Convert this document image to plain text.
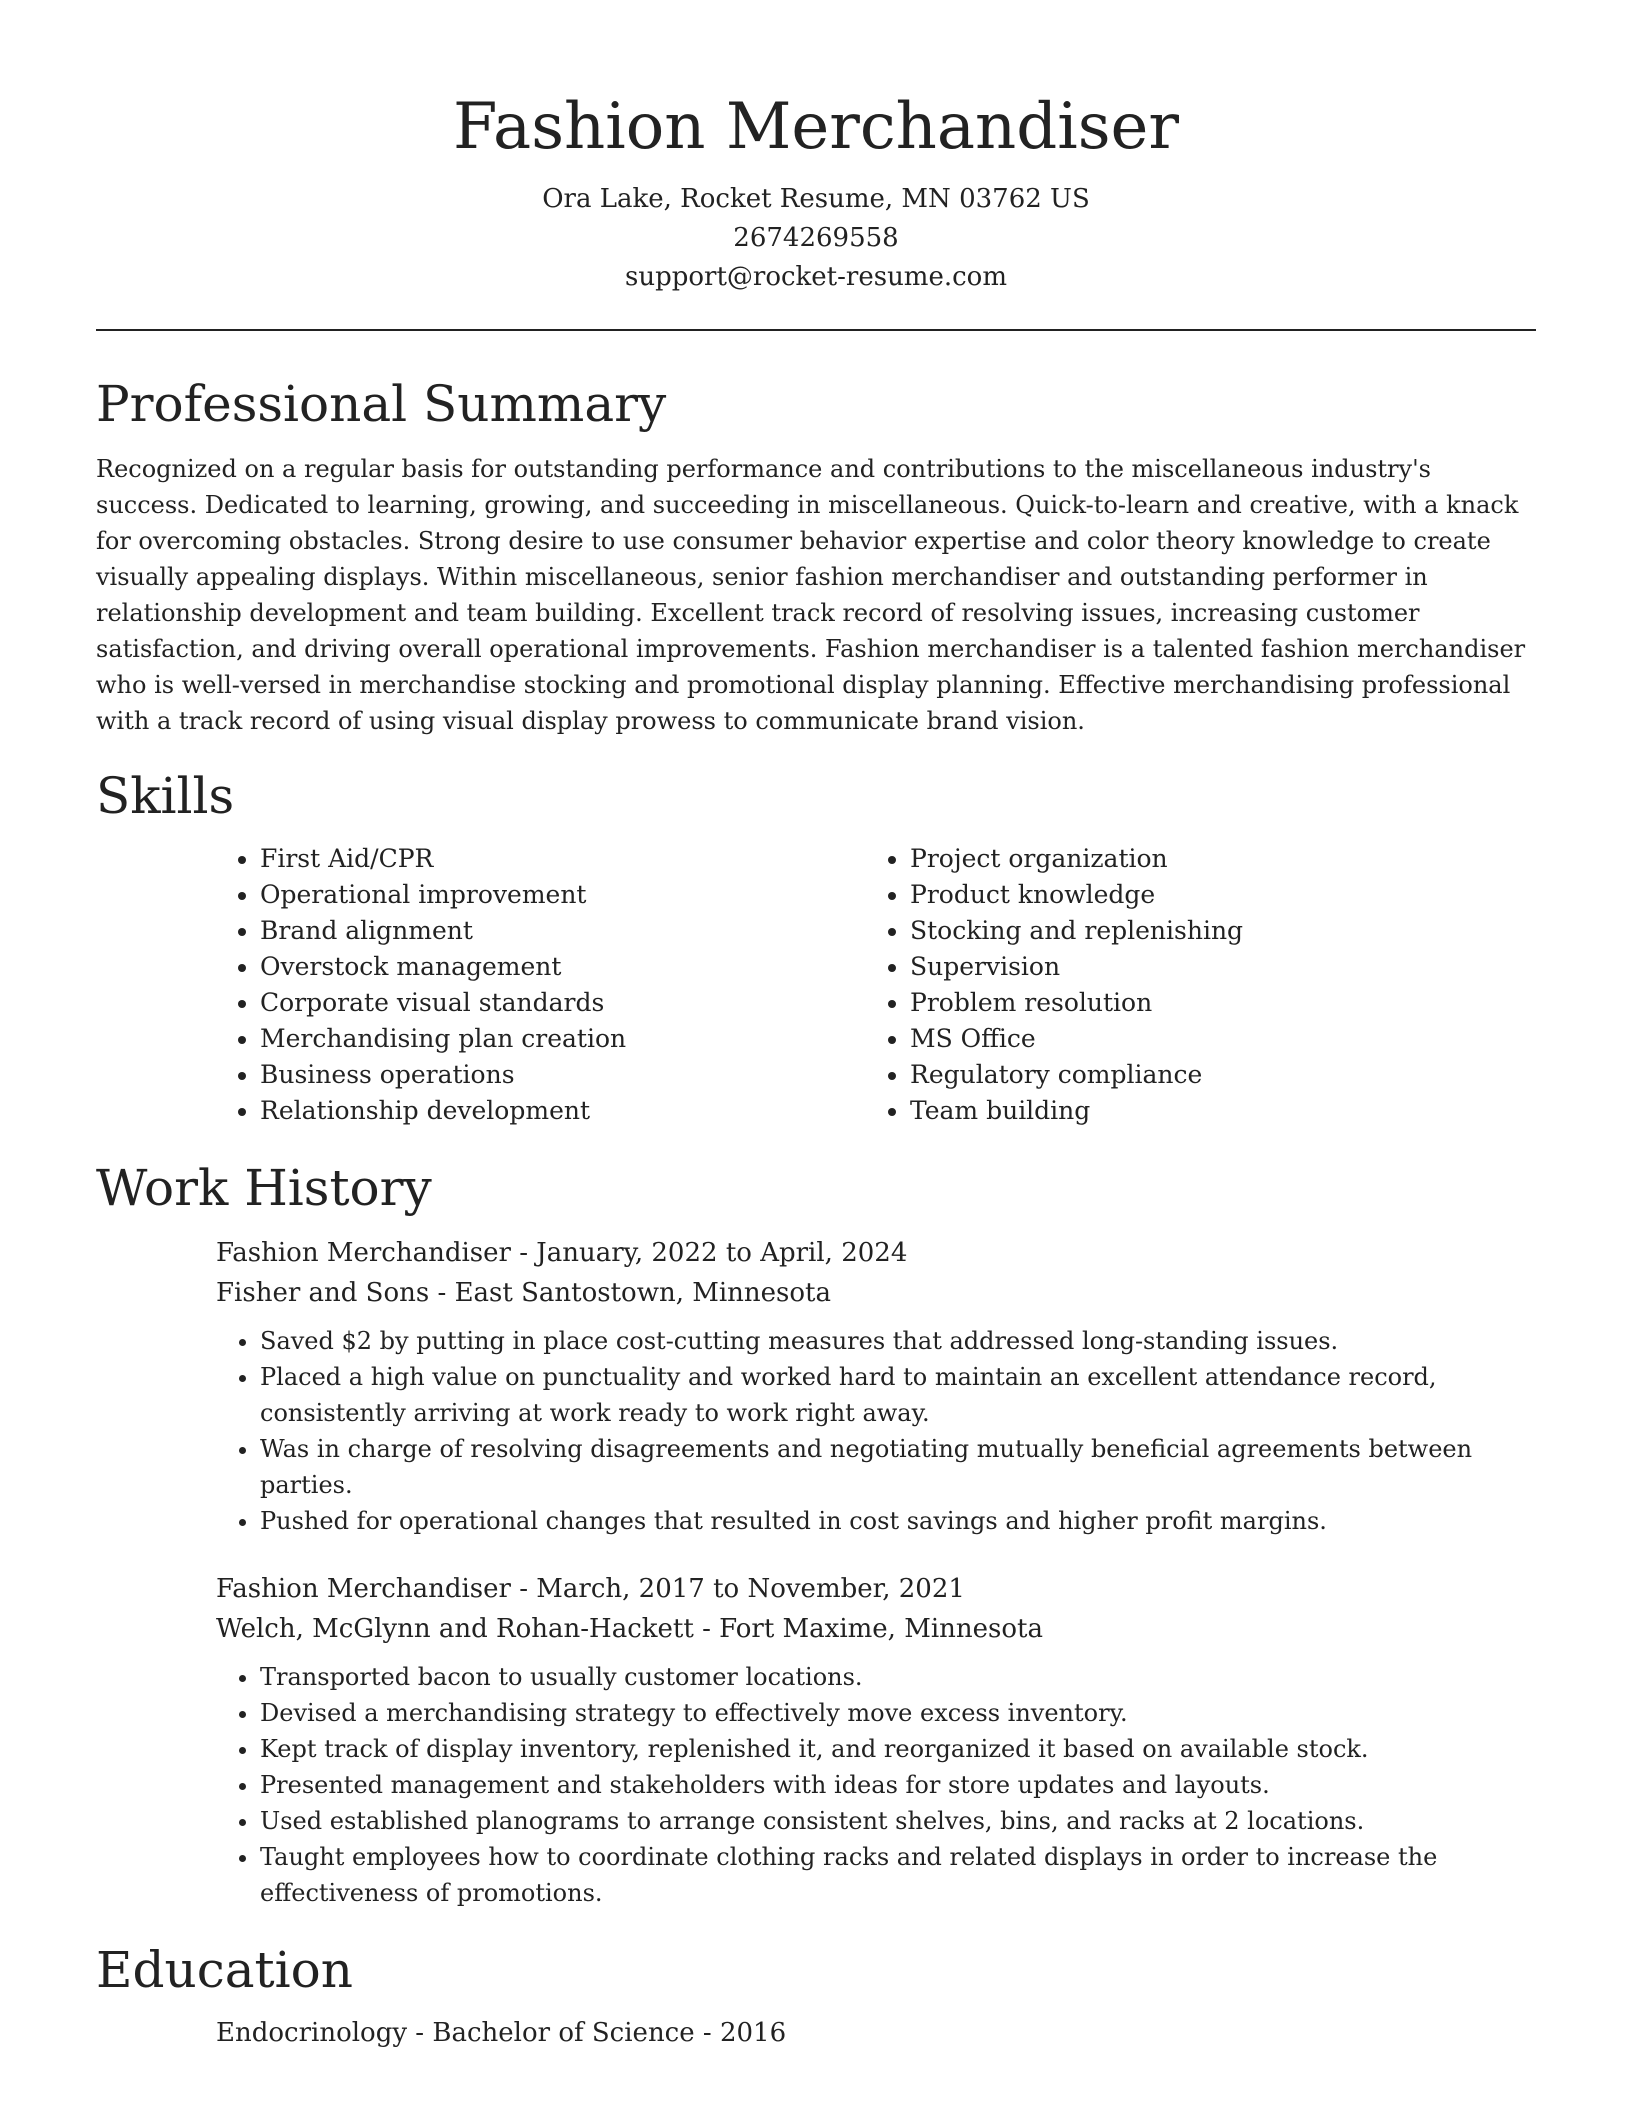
Fashion Merchandiser
Ora Lake, Rocket Resume, MN 03762 US
2674269558
support@rocket-resume.com
Professional Summary

Recognized on a regular basis for outstanding performance and contributions to the miscellaneous industry's success. Dedicated to learning, growing, and succeeding in miscellaneous. Quick-to-learn and creative, with a knack for overcoming obstacles. Strong desire to use consumer behavior expertise and color theory knowledge to create visually appealing displays. Within miscellaneous, senior fashion merchandiser and outstanding performer in relationship development and team building. Excellent track record of resolving issues, increasing customer satisfaction, and driving overall operational improvements. Fashion merchandiser is a talented fashion merchandiser who is well-versed in merchandise stocking and promotional display planning. Effective merchandising professional with a track record of using visual display prowess to communicate brand vision.

Skills
• First Aid/CPR
• Operational improvement
• Brand alignment
• Overstock management
• Corporate visual standards
• Merchandising plan creation
• Business operations
• Relationship development
• Project organization
• Product knowledge
• Stocking and replenishing
• Supervision
• Problem resolution
• MS Office
• Regulatory compliance
• Team building
Work History
Fashion Merchandiser - January, 2022 to April, 2024
Fisher and Sons - East Santostown, Minnesota
• Saved $2 by putting in place cost-cutting measures that addressed long-standing issues.
• Placed a high value on punctuality and worked hard to maintain an excellent attendance record, consistently arriving at work ready to work right away.
• Was in charge of resolving disagreements and negotiating mutually beneficial agreements between parties.
• Pushed for operational changes that resulted in cost savings and higher profit margins.
Fashion Merchandiser - March, 2017 to November, 2021
Welch, McGlynn and Rohan-Hackett - Fort Maxime, Minnesota
• Transported bacon to usually customer locations.
• Devised a merchandising strategy to effectively move excess inventory.
• Kept track of display inventory, replenished it, and reorganized it based on available stock.
• Presented management and stakeholders with ideas for store updates and layouts.
• Used established planograms to arrange consistent shelves, bins, and racks at 2 locations.
• Taught employees how to coordinate clothing racks and related displays in order to increase the effectiveness of promotions.
Education
Endocrinology - Bachelor of Science - 2016
